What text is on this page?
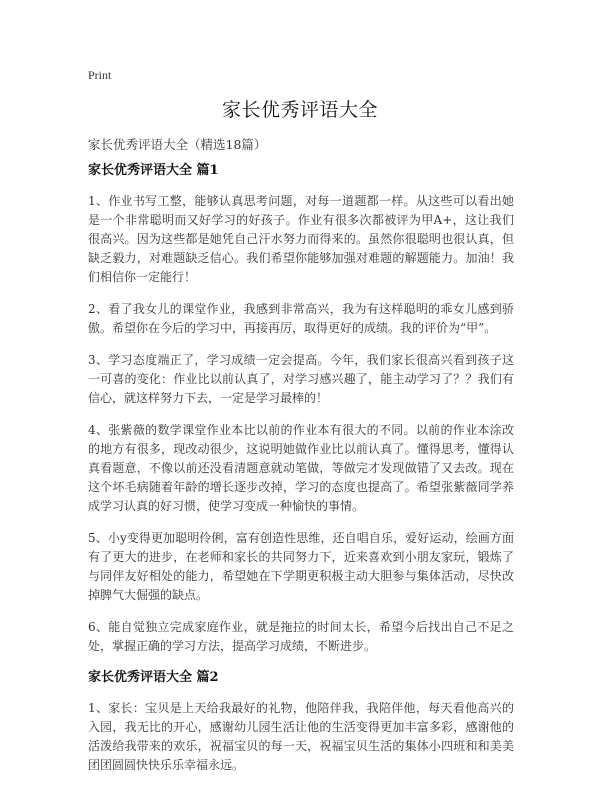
Print
家长优秀评语大全
家长优秀评语大全（精选18篇）
家长优秀评语大全 篇1

1、作业书写工整，能够认真思考问题，对每一道题都一样。从这些可以看出她是一个非常聪明而又好学习的好孩子。作业有很多次都被评为甲A+，这让我们很高兴。因为这些都是她凭自己汗水努力而得来的。虽然你很聪明也很认真，但缺乏毅力，对难题缺乏信心。我们希望你能够加强对难题的解题能力。加油！我们相信你一定能行！

2、看了我女儿的课堂作业，我感到非常高兴，我为有这样聪明的乖女儿感到骄傲。希望你在今后的学习中，再接再厉，取得更好的成绩。我的评价为“甲”。

3、学习态度端正了，学习成绩一定会提高。今年，我们家长很高兴看到孩子这一可喜的变化：作业比以前认真了，对学习感兴趣了，能主动学习了？？我们有信心，就这样努力下去，一定是学习最棒的！

4、张紫薇的数学课堂作业本比以前的作业本有很大的不同。以前的作业本涂改的地方有很多，现改动很少，这说明她做作业比以前认真了。懂得思考，懂得认真看题意，不像以前还没看清题意就动笔做，等做完才发现做错了又去改。现在这个坏毛病随着年龄的增长逐步改掉，学习的态度也提高了。希望张紫薇同学养成学习认真的好习惯，使学习变成一种愉快的事情。

5、小y变得更加聪明伶俐，富有创造性思维，还自唱自乐，爱好运动，绘画方面有了更大的进步，在老师和家长的共同努力下，近来喜欢到小朋友家玩，锻炼了与同伴友好相处的能力，希望她在下学期更积极主动大胆参与集体活动，尽快改掉脾气大倔强的缺点。

6、能自觉独立完成家庭作业，就是拖拉的时间太长，希望今后找出自己不足之处，掌握正确的学习方法，提高学习成绩，不断进步。

家长优秀评语大全 篇2

1、家长：宝贝是上天给我最好的礼物，他陪伴我，我陪伴他，每天看他高兴的入园，我无比的开心，感谢幼儿园生活让他的生活变得更加丰富多彩，感谢他的活泼给我带来的欢乐，祝福宝贝的每一天，祝福宝贝生活的集体小四班和和美美团团圆圆快快乐乐幸福永远。
